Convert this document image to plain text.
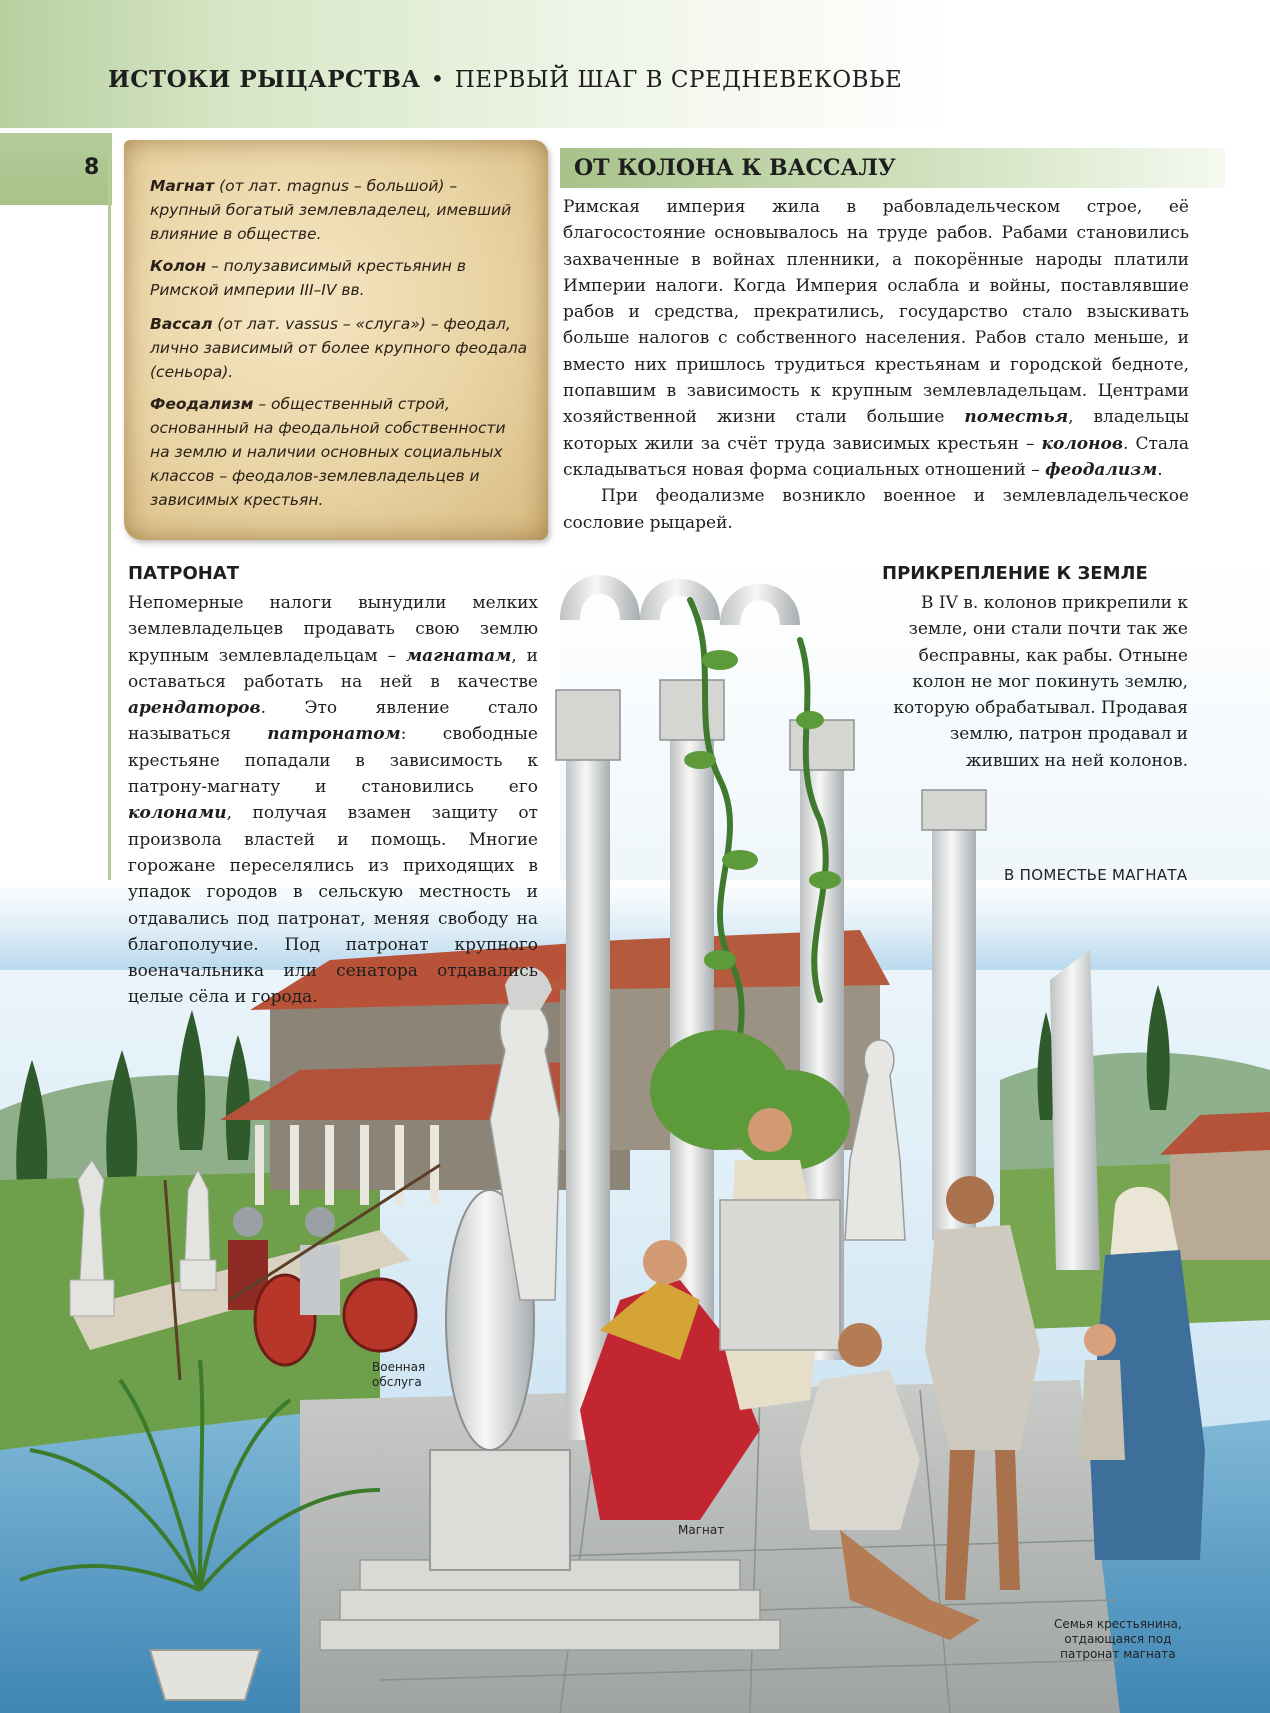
ИСТОКИ РЫЦАРСТВА • ПЕРВЫЙ ШАГ В СРЕДНЕВЕКОВЬЕ
8
В ПОМЕСТЬЕ МАГНАТА
Военная
обслуга
Магнат
Семья крестьянина,
отдающаяся под
патронат магната

Магнат (от лат. magnus – большой) – крупный богатый землевладелец, имевший влияние в обществе.

Колон – полузависимый крестьянин в Римской империи III–IV вв.

Вассал (от лат. vassus – «слуга») – феодал, лично зависимый от более крупного феодала (сеньора).

Феодализм – общественный строй, основанный на феодальной собственности на землю и наличии основных социальных классов – феодалов-землевладельцев и зависимых крестьян.

ОТ КОЛОНА К ВАССАЛУ

Римская империя жила в рабовладельческом строе, её благосостояние основывалось на труде рабов. Рабами становились захваченные в войнах пленники, а покорённые народы платили Империи налоги. Когда Империя ослабла и войны, поставлявшие рабов и средства, прекратились, государство стало взыскивать больше налогов с собственного населения. Рабов стало меньше, и вместо них пришлось трудиться крестьянам и городской бедноте, попавшим в зависимость к крупным землевладельцам. Центрами хозяйственной жизни стали большие поместья, владельцы которых жили за счёт труда зависимых крестьян – колонов. Стала складываться новая форма социальных отношений – феодализм.

При феодализме возникло военное и землевладельческое сословие рыцарей.

ПАТРОНАТ

Непомерные налоги вынудили мелких землевладельцев продавать свою землю крупным землевладельцам – магнатам, и оставаться работать на ней в качестве арендаторов. Это явление стало называться патронатом: свободные крестьяне попадали в зависимость к патрону-магнату и становились его колонами, получая взамен защиту от произвола властей и помощь. Многие горожане переселялись из приходящих в упадок городов в сельскую местность и отдавались под патронат, меняя свободу на благополучие. Под патронат крупного военачальника или сенатора отдавались целые сёла и города.

ПРИКРЕПЛЕНИЕ К ЗЕМЛЕ

В IV в. колонов прикрепили к земле, они стали почти так же бесправны, как рабы. Отныне колон не мог покинуть землю, которую обрабатывал. Продавая землю, патрон продавал и живших на ней колонов.
